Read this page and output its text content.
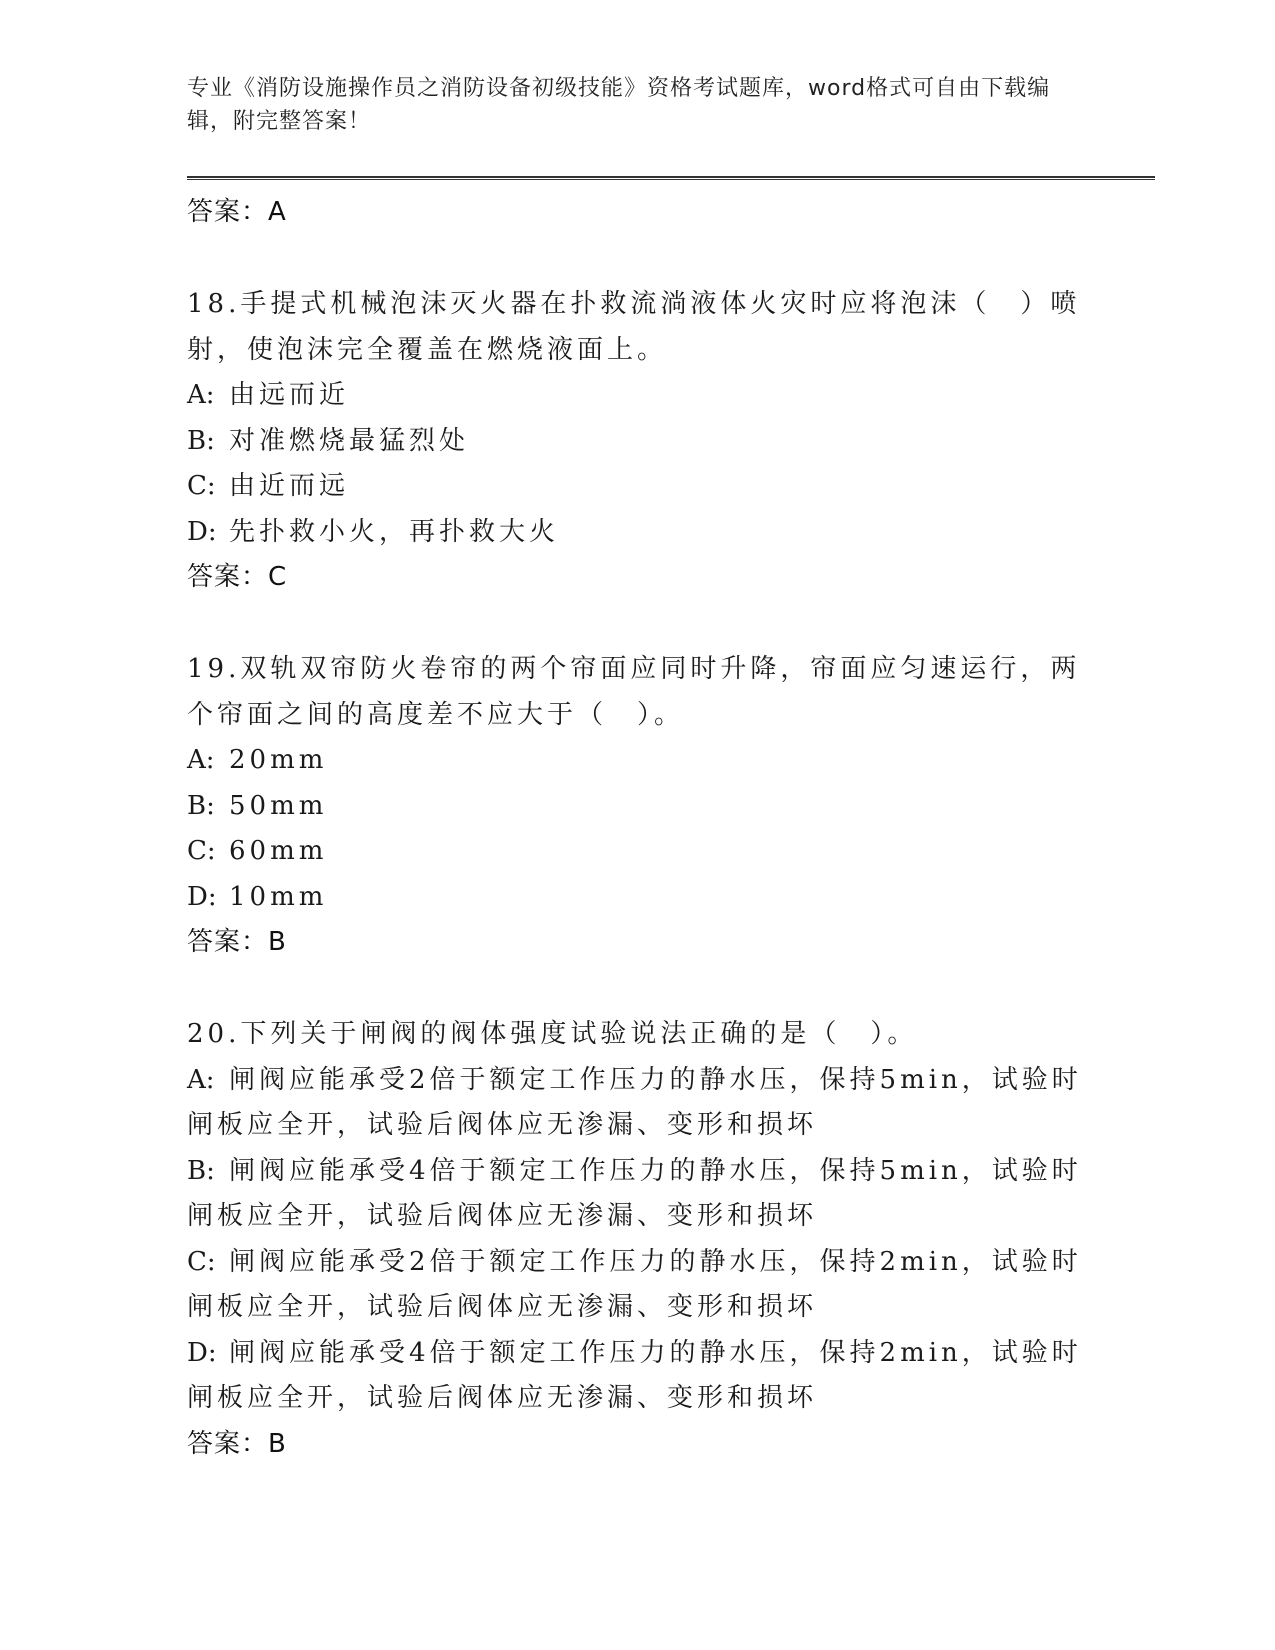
专业《消防设施操作员之消防设备初级技能》资格考试题库，word格式可自由下载编辑，附完整答案！
答案：A
18.手提式机械泡沫灭火器在扑救流淌液体火灾时应将泡沫（　）喷射，使泡沫完全覆盖在燃烧液面上。
A: 由远而近
B: 对准燃烧最猛烈处
C: 由近而远
D: 先扑救小火，再扑救大火
答案：C
19.双轨双帘防火卷帘的两个帘面应同时升降，帘面应匀速运行，两个帘面之间的高度差不应大于（　）。
A: 20mm
B: 50mm
C: 60mm
D: 10mm
答案：B
20.下列关于闸阀的阀体强度试验说法正确的是（　）。
A: 闸阀应能承受2倍于额定工作压力的静水压，保持5min，试验时闸板应全开，试验后阀体应无渗漏、变形和损坏
B: 闸阀应能承受4倍于额定工作压力的静水压，保持5min，试验时闸板应全开，试验后阀体应无渗漏、变形和损坏
C: 闸阀应能承受2倍于额定工作压力的静水压，保持2min，试验时闸板应全开，试验后阀体应无渗漏、变形和损坏
D: 闸阀应能承受4倍于额定工作压力的静水压，保持2min，试验时闸板应全开，试验后阀体应无渗漏、变形和损坏
答案：B
